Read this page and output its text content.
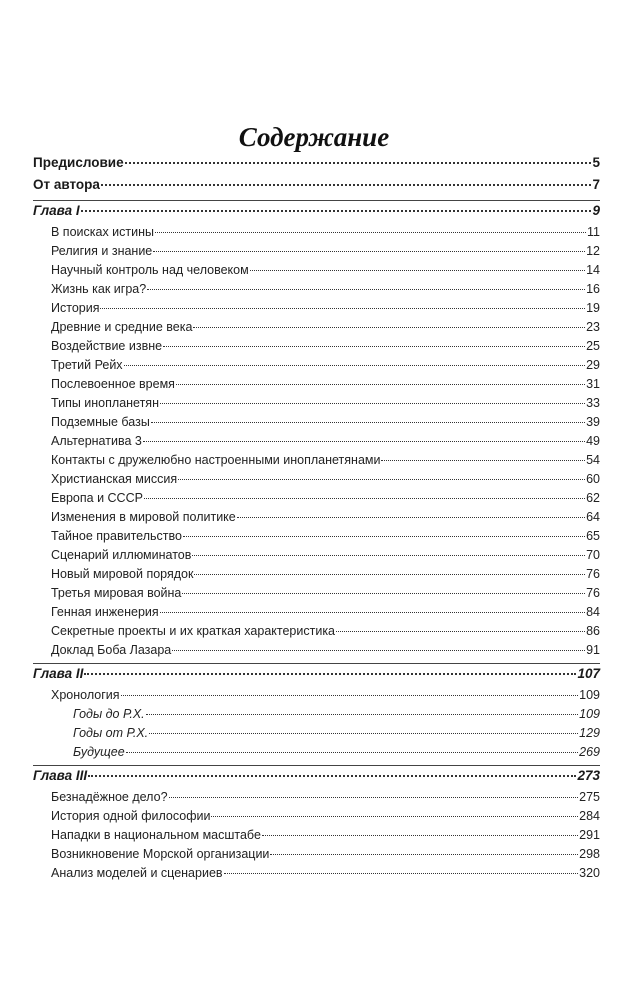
Содержание
Предисловие	5
От автора	7
Глава I	9
В поисках истины	11
Религия и знание	12
Научный контроль над человеком	14
Жизнь как игра?	16
История	19
Древние и средние века	23
Воздействие извне	25
Третий Рейх	29
Послевоенное время	31
Типы инопланетян	33
Подземные базы	39
Альтернатива 3	49
Контакты с дружелюбно настроенными инопланетянами	54
Христианская миссия	60
Европа и СССР	62
Изменения в мировой политике	64
Тайное правительство	65
Сценарий иллюминатов	70
Новый мировой порядок	76
Третья мировая война	76
Генная инженерия	84
Секретные проекты и их краткая характеристика	86
Доклад Боба Лазара	91
Глава II	107
Хронология	109
Годы до Р.Х.	109
Годы от Р.Х.	129
Будущее	269
Глава III	273
Безнадёжное дело?	275
История одной философии	284
Нападки в национальном масштабе	291
Возникновение Морской организации	298
Анализ моделей и сценариев	320
